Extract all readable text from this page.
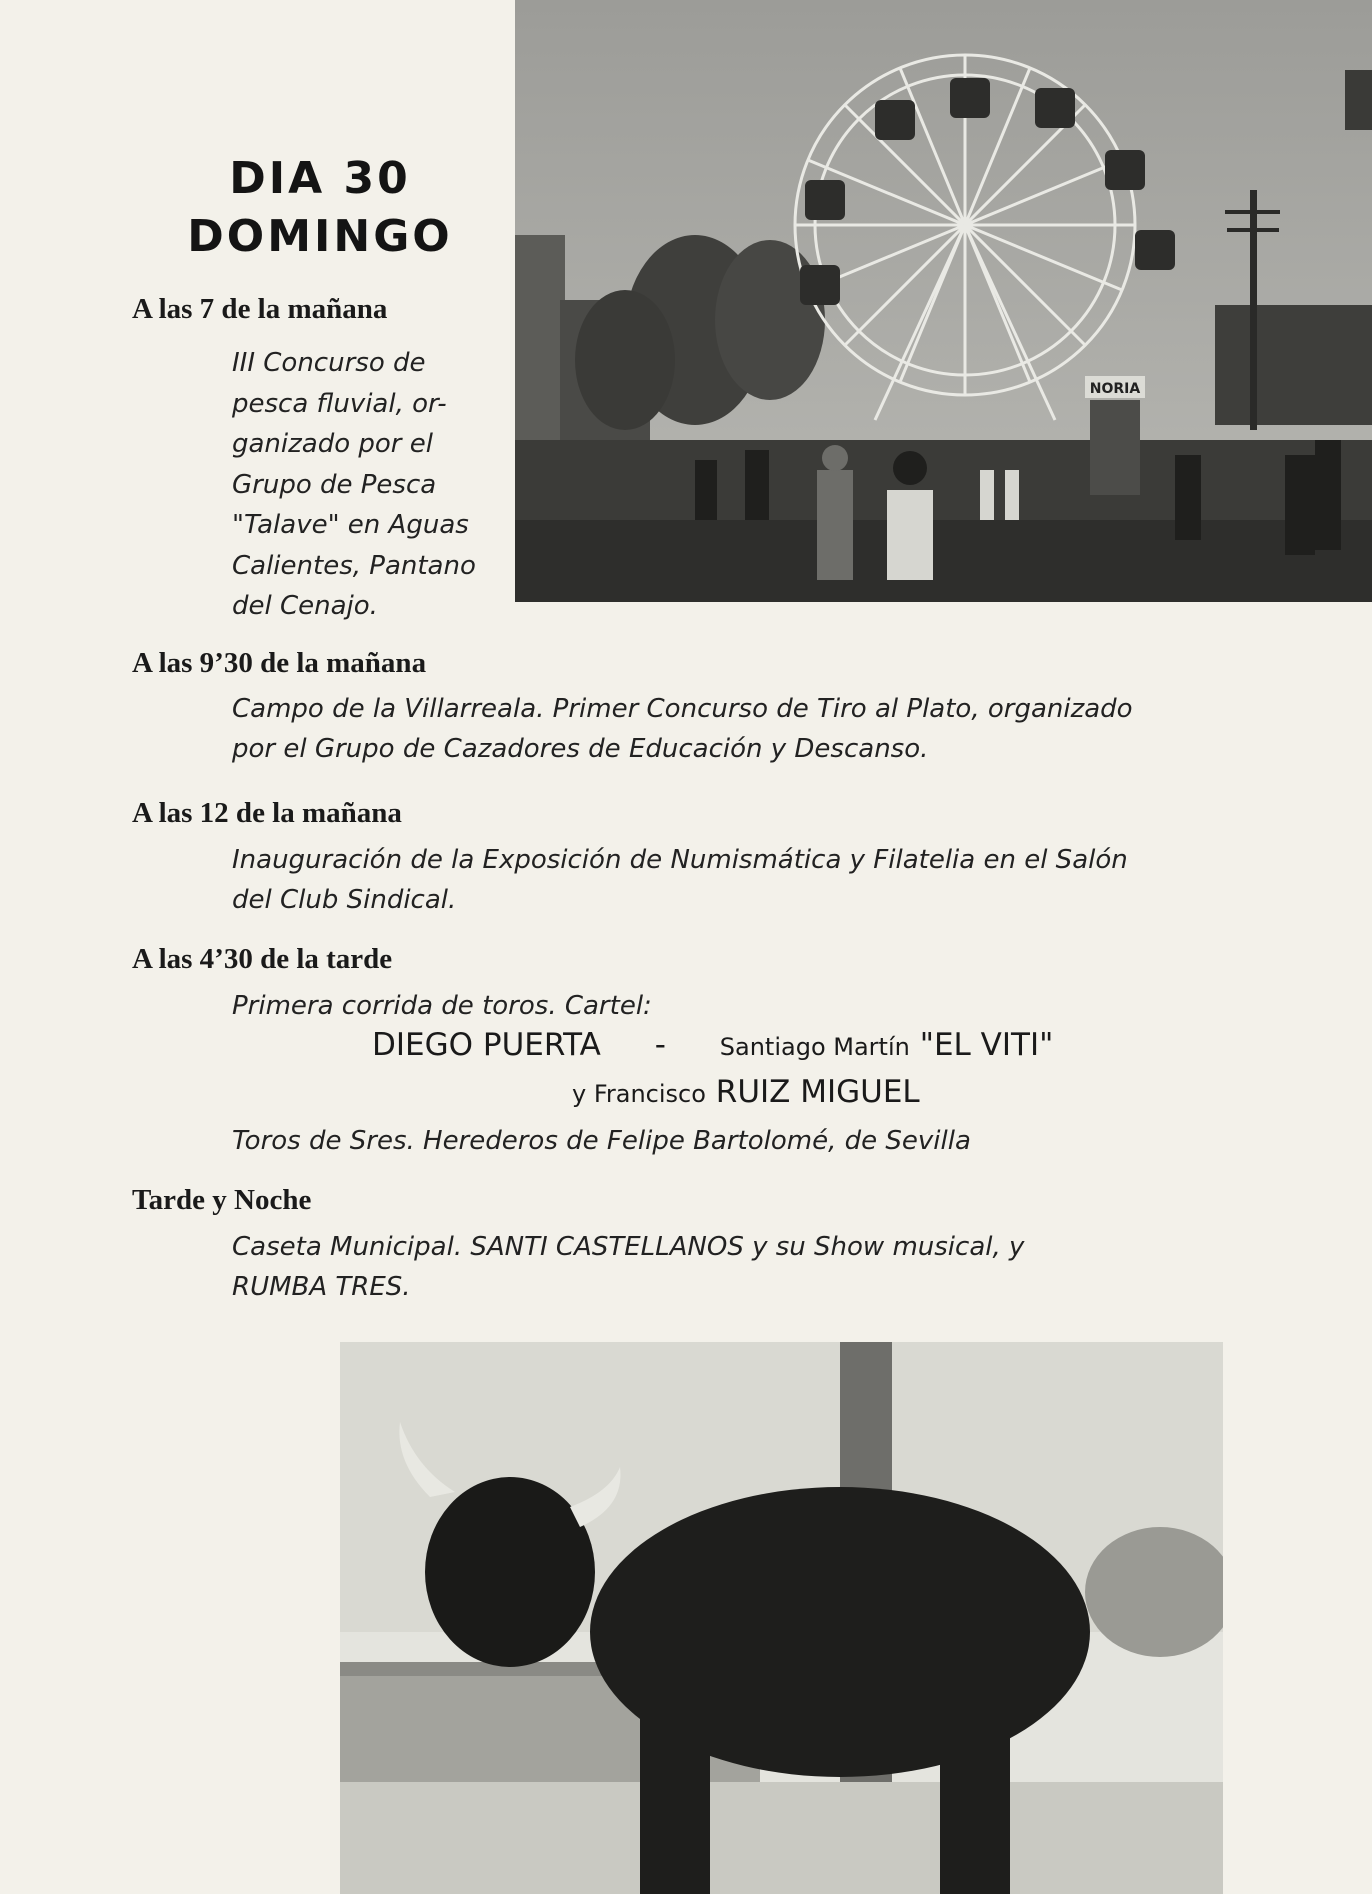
NORIA
DIA 30
DOMINGO
A las 7 de la mañana
III Concurso de
pesca fluvial, or-
ganizado por el
Grupo de Pesca
"Talave" en Aguas
Calientes, Pantano
del Cenajo.
A las 9’30 de la mañana
Campo de la Villarreala. Primer Concurso de Tiro al Plato, organizado
por el Grupo de Cazadores de Educación y Descanso.
A las 12 de la mañana
Inauguración de la Exposición de Numismática y Filatelia en el Salón
del Club Sindical.
A las 4’30 de la tarde
Primera corrida de toros. Cartel:
DIEGO PUERTA - Santiago Martín "EL VITI"
y Francisco RUIZ MIGUEL
Toros de Sres. Herederos de Felipe Bartolomé, de Sevilla
Tarde y Noche
Caseta Municipal. SANTI CASTELLANOS y su Show musical, y
RUMBA TRES.
